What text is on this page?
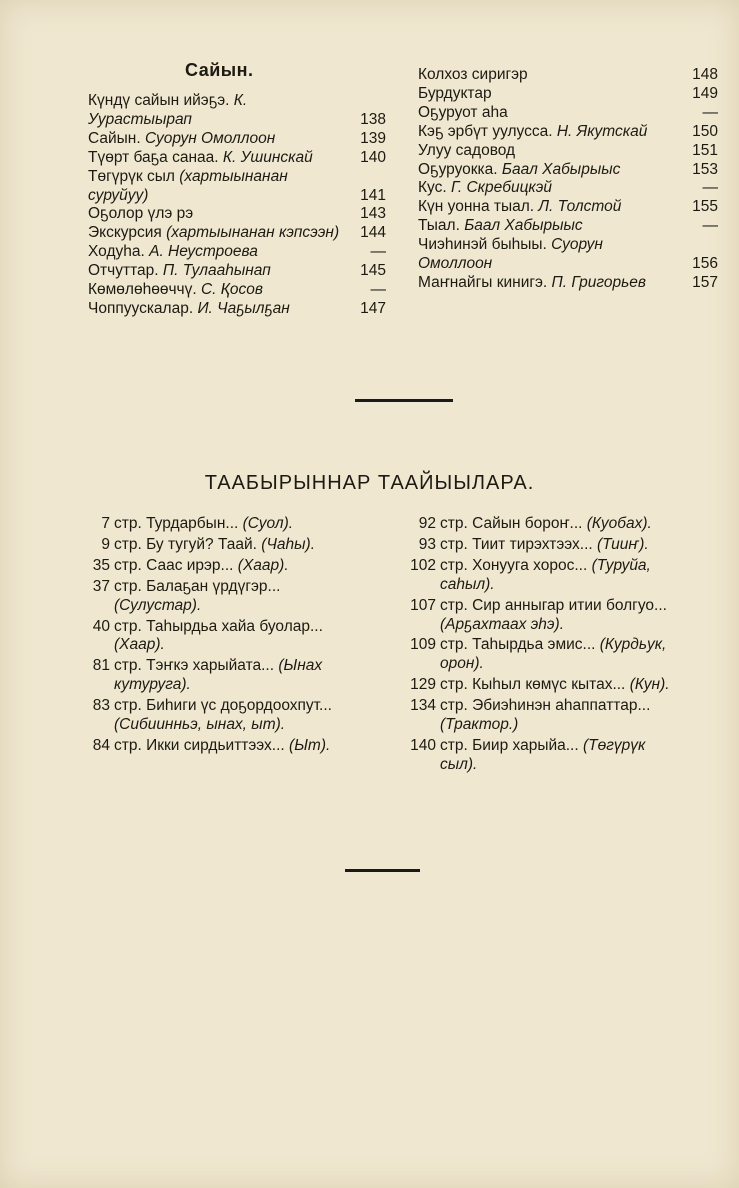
Сайын.
Күндү сайын ийэҕэ. К. Уурастыырап	138
Сайын. Суорун Омоллоон	139
Түөрт баҕа санаа. К. Ушинскай	140
Төгүрүк сыл (хартыынанан суруйуу)	141
Оҕолор үлэ рэ	143
Экскурсия (хартыынанан кэпсээн)	144
Ходуһа. А. Неустроева	—
Отчуттар. П. Тулааһынап	145
Көмөлөһөөччү. С. Қосов	—
Чоппуускалар. И. Чаҕылҕан	147
Колхоз сиригэр	148
Бурдуктар	149
Оҕуруот аһа	—
Кэҕ эрбүт уулусса. Н. Якутскай	150
Улуу садовод	151
Оҕуруокка. Баал Хабырыыс	153
Кус. Г. Скребицкэй	—
Күн уонна тыал. Л. Толстой	155
Тыал. Баал Хабырыыс	—
Чиэһинэй быһыы. Суорун Омоллоон	156
Маҥнайгы кинигэ. П. Григорьев	157
ТААБЫРЫННАР ТААЙЫЫЛАРА.
7 стр. Турдарбын... (Суол).
9 стр. Бу тугуй? Таай. (Чаһы).
35 стр. Саас ирэр... (Хаар).
37 стр. Балаҕан үрдүгэр... (Сулустар).
40 стр. Таһырдьа хайа буолар... (Хаар).
81 стр. Тэҥкэ харыйата... (Ынах кутуруга).
83 стр. Биһиги үс доҕордоохпут... (Сибиинньэ, ынах, ыт).
84 стр. Икки сирдьиттээх... (Ыт).
92 стр. Сайын бороҥ... (Куобах).
93 стр. Тиит тирэхтээх... (Тииҥ).
102 стр. Хонууга хорос... (Туруйа, саһыл).
107 стр. Сир анныгар итии болгуо... (Арҕахтаах эһэ).
109 стр. Таһырдьа эмис... (Курдьук, орон).
129 стр. Кыһыл көмүс кытах... (Кун).
134 стр. Эбиэһинэн аһаппаттар... (Трактор.)
140 стр. Биир харыйа... (Төгүрүк сыл).
